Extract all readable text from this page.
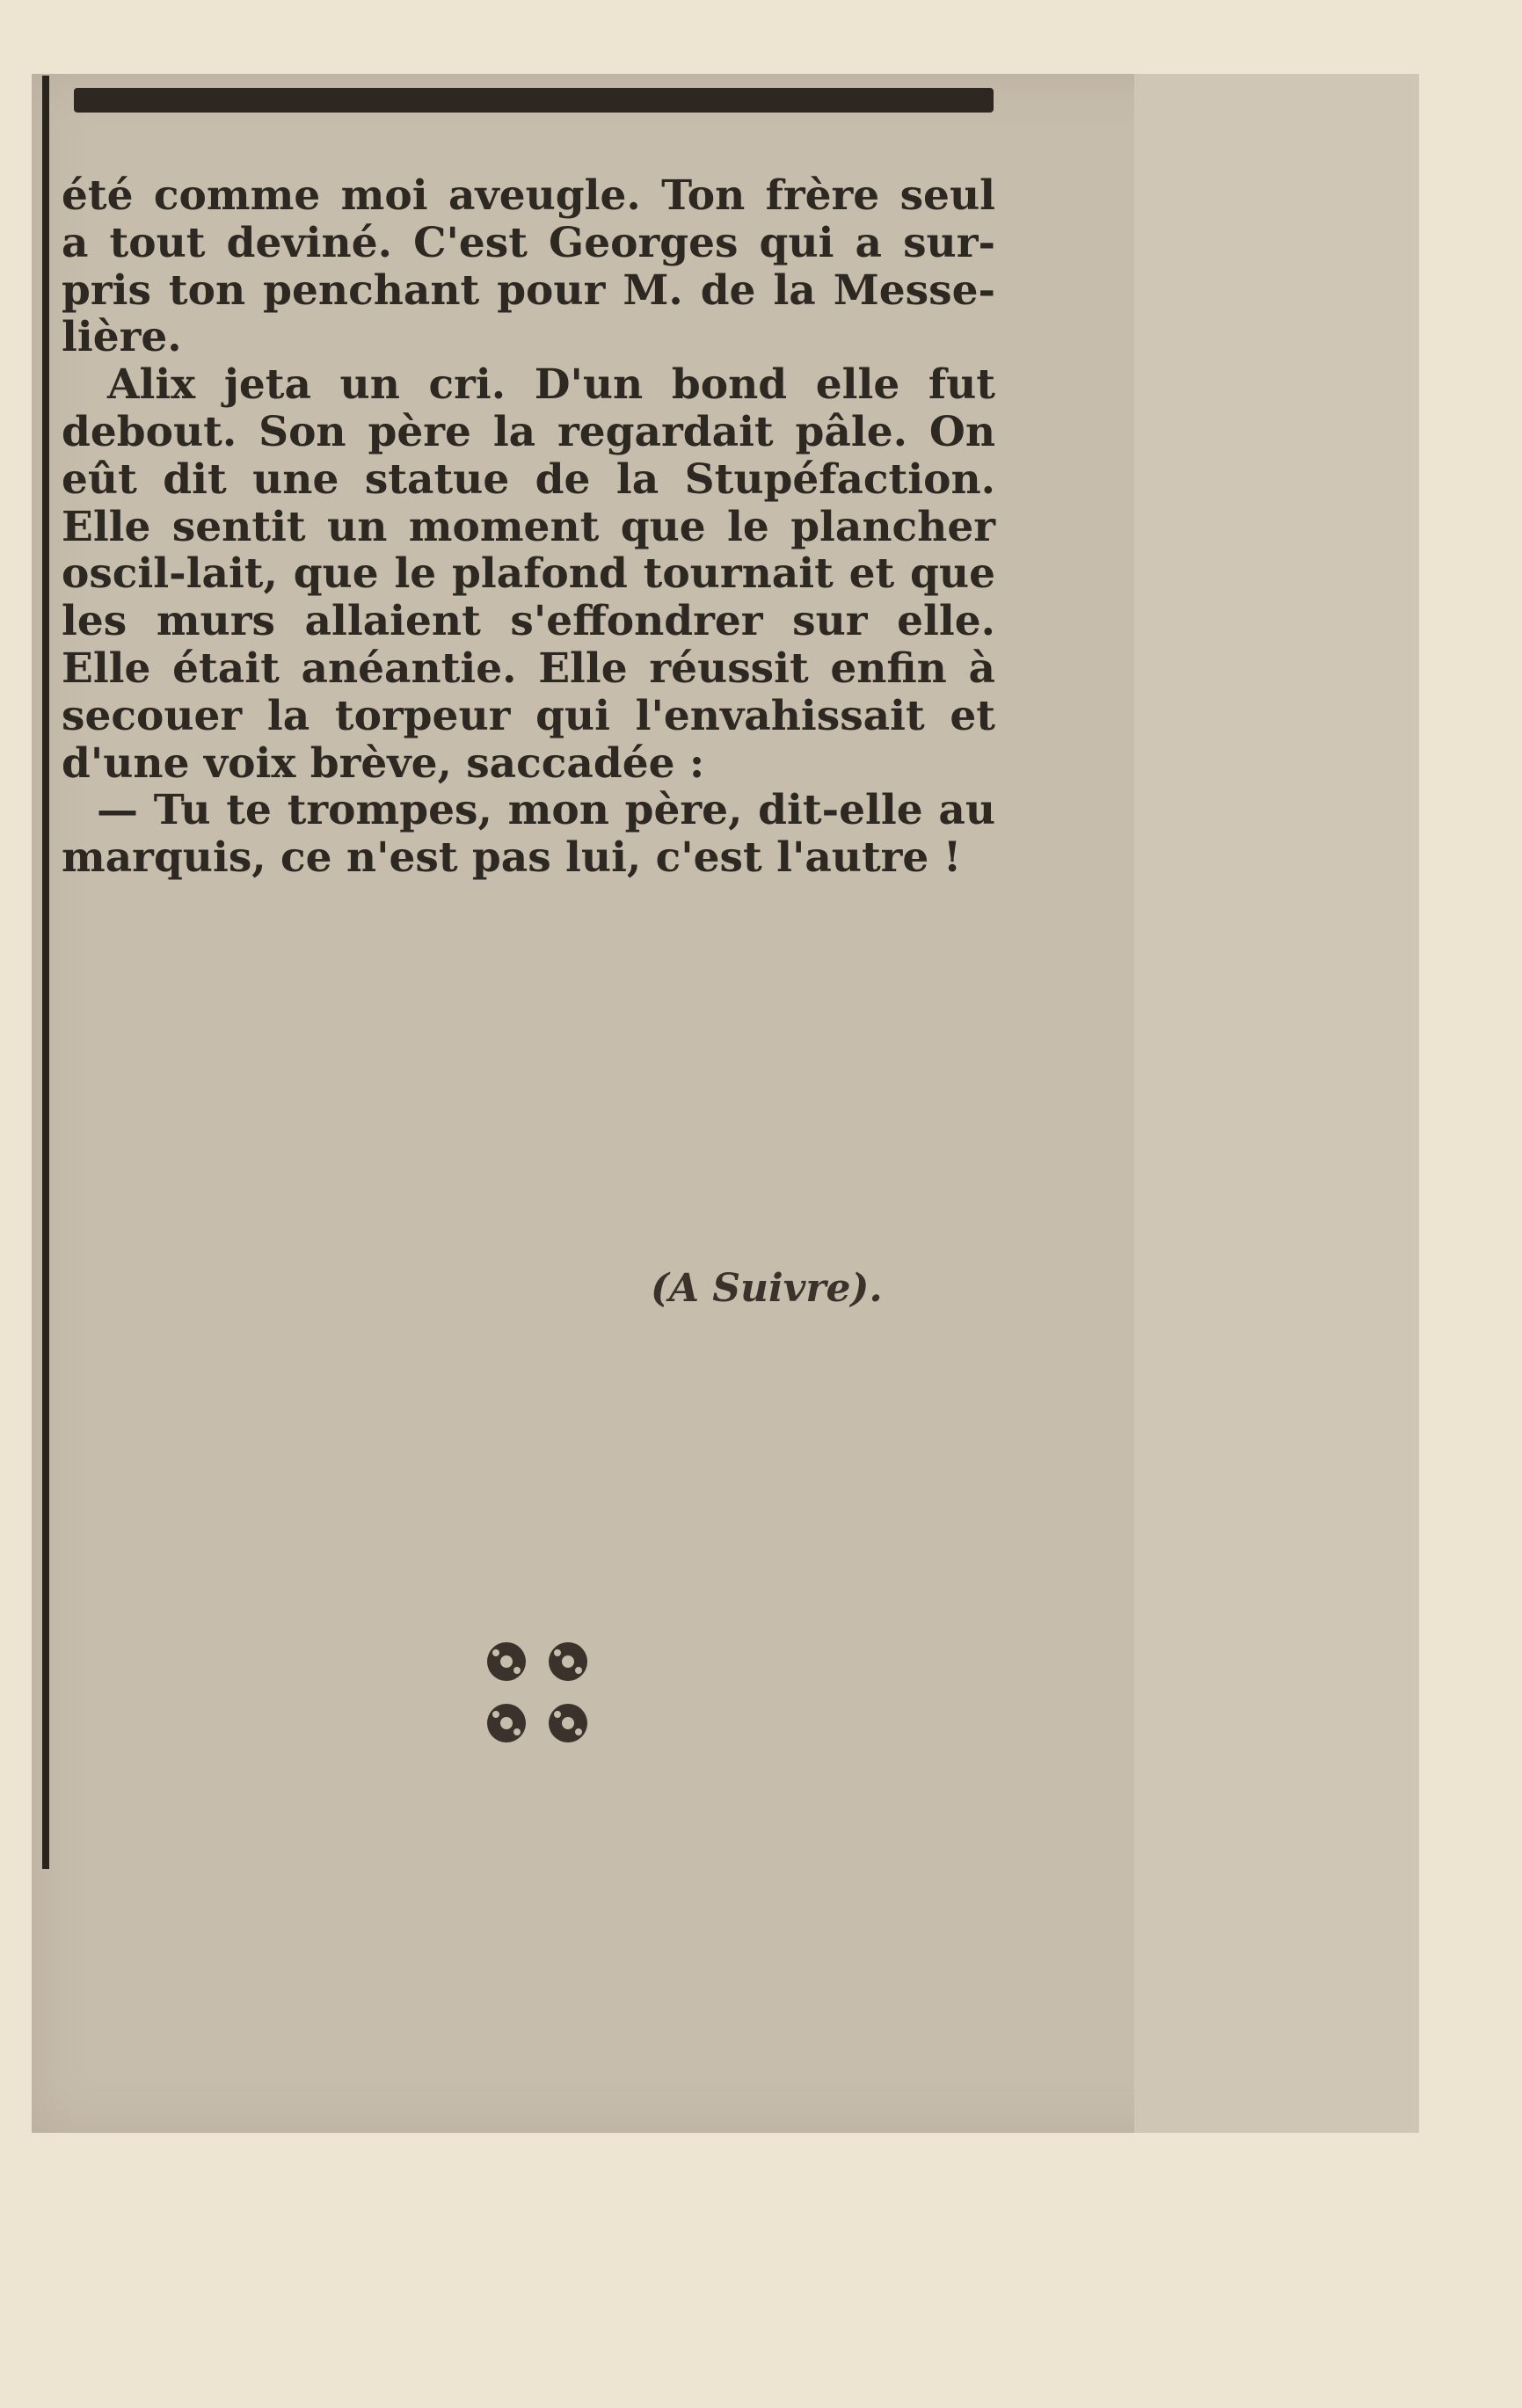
été comme moi aveugle. Ton frère seul a tout deviné. C'est Georges qui a sur-pris ton penchant pour M. de la Messe-lière.

Alix jeta un cri. D'un bond elle fut debout. Son père la regardait pâle. On eût dit une statue de la Stupéfaction. Elle sentit un moment que le plancher oscil-lait, que le plafond tournait et que les murs allaient s'effondrer sur elle. Elle était anéantie. Elle réussit enfin à secouer la torpeur qui l'envahissait et d'une voix brève, saccadée :

— Tu te trompes, mon père, dit-elle au marquis, ce n'est pas lui, c'est l'autre !

(A Suivre).
